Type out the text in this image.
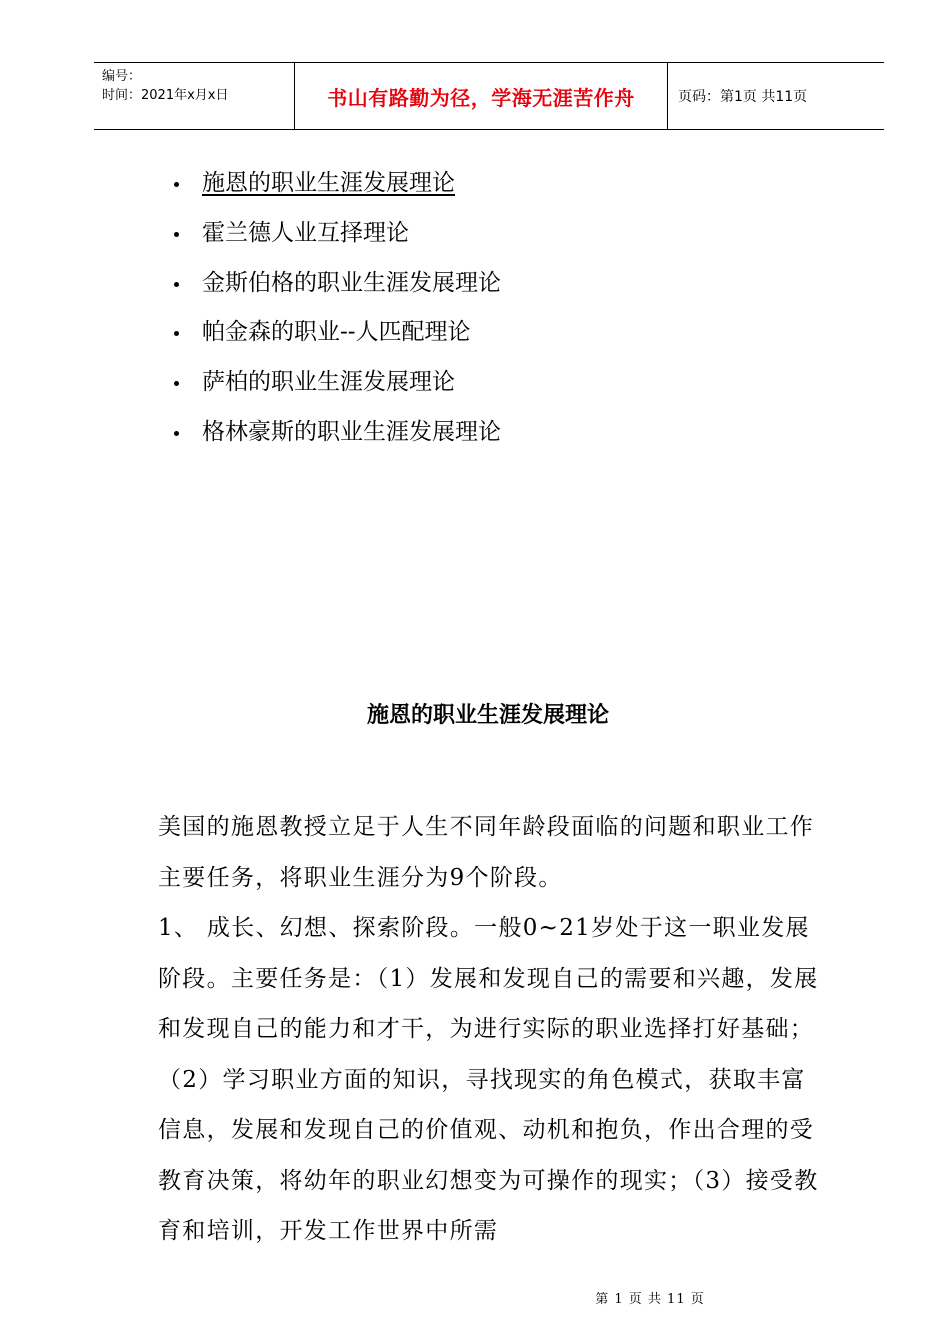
编号：
时间：2021年x月x日	书山有路勤为径，学海无涯苦作舟	页码：第1页 共11页
施恩的职业生涯发展理论
霍兰德人业互择理论
金斯伯格的职业生涯发展理论
帕金森的职业--人匹配理论
萨柏的职业生涯发展理论
格林豪斯的职业生涯发展理论
施恩的职业生涯发展理论

美国的施恩教授立足于人生不同年龄段面临的问题和职业工作主要任务，将职业生涯分为9个阶段。

1、 成长、幻想、探索阶段。一般0~21岁处于这一职业发展阶段。主要任务是：（1）发展和发现自己的需要和兴趣，发展和发现自己的能力和才干，为进行实际的职业选择打好基础；（2）学习职业方面的知识，寻找现实的角色模式，获取丰富信息，发展和发现自己的价值观、动机和抱负，作出合理的受教育决策，将幼年的职业幻想变为可操作的现实；（3）接受教育和培训，开发工作世界中所需

第 1 页 共 11 页
